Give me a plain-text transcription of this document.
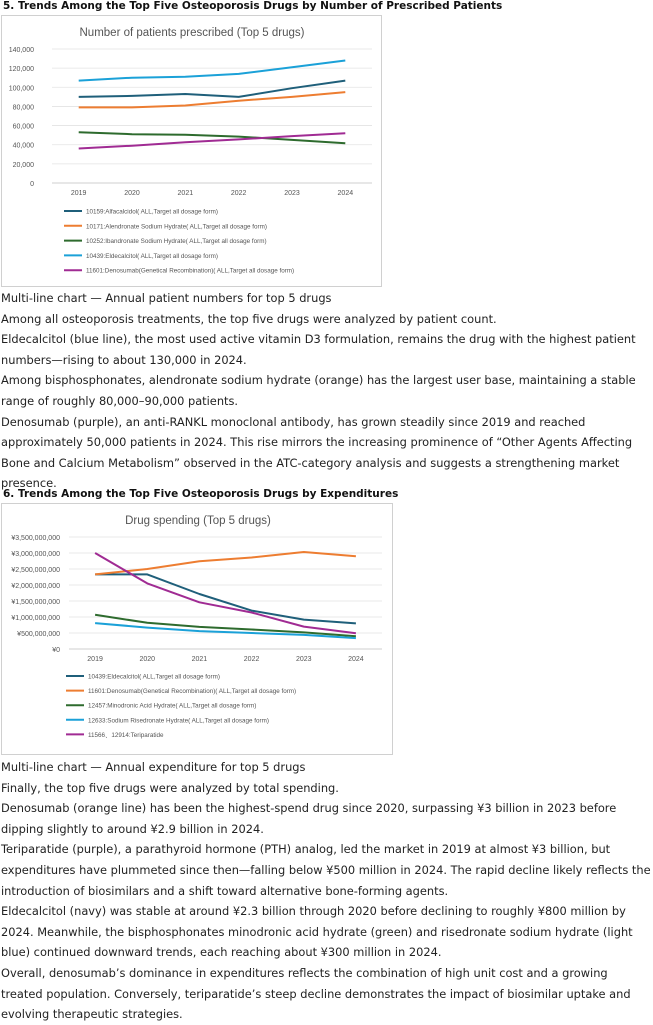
5. Trends Among the Top Five Osteoporosis Drugs by Number of Prescribed Patients
Number of patients prescribed (Top 5 drugs)
0
20,000
40,000
60,000
80,000
100,000
120,000
140,000
2019	2020	2021	2022	2023	2024
10159:Alfacalcidol( ALL,Target all dosage form)
10171:Alendronate Sodium Hydrate( ALL,Target all dosage form)
10252:Ibandronate Sodium Hydrate( ALL,Target all dosage form)
10439:Eldecalcitol( ALL,Target all dosage form)
11601:Denosumab(Genetical Recombination)( ALL,Target all dosage form)

Multi-line chart — Annual patient numbers for top 5 drugs

Among all osteoporosis treatments, the top five drugs were analyzed by patient count.

Eldecalcitol (blue line), the most used active vitamin D3 formulation, remains the drug with the highest patient numbers—rising to about 130,000 in 2024.

Among bisphosphonates, alendronate sodium hydrate (orange) has the largest user base, maintaining a stable range of roughly 80,000–90,000 patients.

Denosumab (purple), an anti-RANKL monoclonal antibody, has grown steadily since 2019 and reached approximately 50,000 patients in 2024. This rise mirrors the increasing prominence of “Other Agents Affecting Bone and Calcium Metabolism” observed in the ATC-category analysis and suggests a strengthening market presence.

6. Trends Among the Top Five Osteoporosis Drugs by Expenditures
Drug spending (Top 5 drugs)
¥0
¥500,000,000
¥1,000,000,000
¥1,500,000,000
¥2,000,000,000
¥2,500,000,000
¥3,000,000,000
¥3,500,000,000
2019	2020	2021	2022	2023	2024
10439:Eldecalcitol( ALL,Target all dosage form)
11601:Denosumab(Genetical Recombination)( ALL,Target all dosage form)
12457:Minodronic Acid Hydrate( ALL,Target all dosage form)
12633:Sodium Risedronate Hydrate( ALL,Target all dosage form)
11566、12914:Teriparatide

Multi-line chart — Annual expenditure for top 5 drugs

Finally, the top five drugs were analyzed by total spending.

Denosumab (orange line) has been the highest-spend drug since 2020, surpassing ¥3 billion in 2023 before dipping slightly to around ¥2.9 billion in 2024.

Teriparatide (purple), a parathyroid hormone (PTH) analog, led the market in 2019 at almost ¥3 billion, but expenditures have plummeted since then—falling below ¥500 million in 2024. The rapid decline likely reflects the introduction of biosimilars and a shift toward alternative bone-forming agents.

Eldecalcitol (navy) was stable at around ¥2.3 billion through 2020 before declining to roughly ¥800 million by 2024. Meanwhile, the bisphosphonates minodronic acid hydrate (green) and risedronate sodium hydrate (light blue) continued downward trends, each reaching about ¥300 million in 2024.

Overall, denosumab’s dominance in expenditures reflects the combination of high unit cost and a growing treated population. Conversely, teriparatide’s steep decline demonstrates the impact of biosimilar uptake and evolving therapeutic strategies.
